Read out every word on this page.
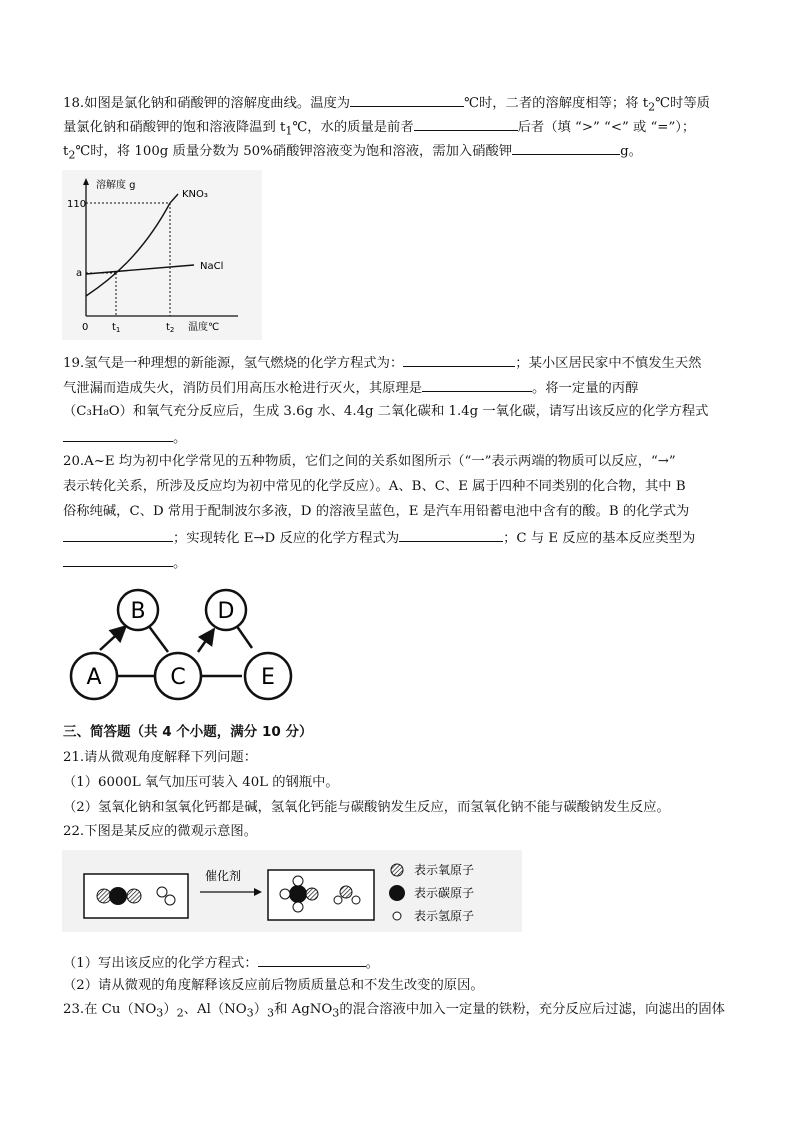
18.如图是氯化钠和硝酸钾的溶解度曲线。温度为	℃时，二者的溶解度相等；将 $t_2℃$时等质
量氯化钠和硝酸钾的饱和溶液降温到 $t_1℃$，水的质量是前者	后者（填 “>” “<” 或 “=”）；
$t_2℃$时，将 100g 质量分数为 50%硝酸钾溶液变为饱和溶液，需加入硝酸钾	g。
溶解度 g
110
a
0 $t_1$	$t_2$ 温度℃
KNO₃
NaCl
19.氢气是一种理想的新能源，氢气燃烧的化学方程式为：	；某小区居民家中不慎发生天然
气泄漏而造成失火，消防员们用高压水枪进行灭火，其原理是	。将一定量的丙醇
（C₃H₈O）和氧气充分反应后，生成 3.6g 水、4.4g 二氧化碳和 1.4g 一氧化碳，请写出该反应的化学方程式
。
20.A~E 均为初中化学常见的五种物质，它们之间的关系如图所示（“一”表示两端的物质可以反应，“→”
表示转化关系，所涉及反应均为初中常见的化学反应）。A、B、C、E 属于四种不同类别的化合物，其中 B
俗称纯碱，C、D 常用于配制波尔多液，D 的溶液呈蓝色，E 是汽车用铅蓄电池中含有的酸。B 的化学式为
；实现转化 E→D 反应的化学方程式为	；C 与 E 反应的基本反应类型为
。
A
B
C
D
E
三、简答题（共 4 个小题，满分 10 分）
21.请从微观角度解释下列问题：
（1）6000L 氧气加压可装入 40L 的钢瓶中。
（2）氢氧化钠和氢氧化钙都是碱，氢氧化钙能与碳酸钠发生反应，而氢氧化钠不能与碳酸钠发生反应。
22.下图是某反应的微观示意图。
催化剂	表示氧原子
表示碳原子
表示氢原子
（1）写出该反应的化学方程式：	。
（2）请从微观的角度解释该反应前后物质质量总和不发生改变的原因。
23.在 $Cu(NO_3)_2$、$Al(NO_3)_3$和 AgNO$_3$的混合溶液中加入一定量的铁粉，充分反应后过滤，向滤出的固体
